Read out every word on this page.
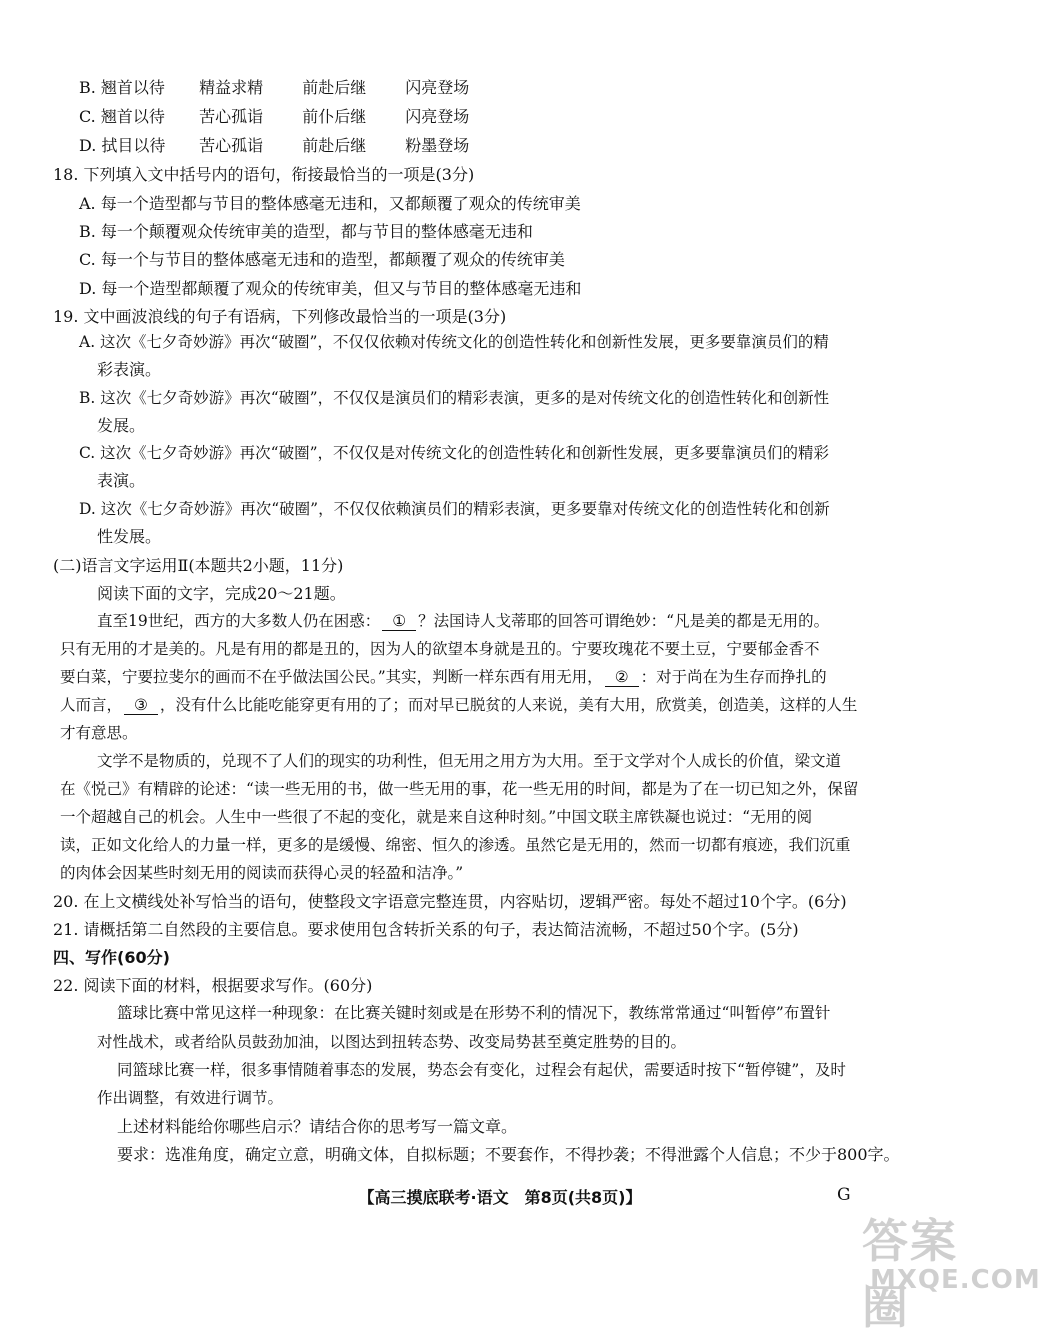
B. 翘首以待 精益求精 前赴后继 闪亮登场
C. 翘首以待 苦心孤诣 前仆后继 闪亮登场
D. 拭目以待 苦心孤诣 前赴后继 粉墨登场
18. 下列填入文中括号内的语句，衔接最恰当的一项是(3分)
A. 每一个造型都与节目的整体感毫无违和，又都颠覆了观众的传统审美
B. 每一个颠覆观众传统审美的造型，都与节目的整体感毫无违和
C. 每一个与节目的整体感毫无违和的造型，都颠覆了观众的传统审美
D. 每一个造型都颠覆了观众的传统审美，但又与节目的整体感毫无违和
19. 文中画波浪线的句子有语病，下列修改最恰当的一项是(3分)
A. 这次《七夕奇妙游》再次“破圈”，不仅仅依赖对传统文化的创造性转化和创新性发展，更多要靠演员们的精
彩表演。
B. 这次《七夕奇妙游》再次“破圈”，不仅仅是演员们的精彩表演，更多的是对传统文化的创造性转化和创新性
发展。
C. 这次《七夕奇妙游》再次“破圈”，不仅仅是对传统文化的创造性转化和创新性发展，更多要靠演员们的精彩
表演。
D. 这次《七夕奇妙游》再次“破圈”，不仅仅依赖演员们的精彩表演，更多要靠对传统文化的创造性转化和创新
性发展。
(二)语言文字运用Ⅱ(本题共2小题，11分)
阅读下面的文字，完成20～21题。
直至19世纪，西方的大多数人仍在困惑： ① ？法国诗人戈蒂耶的回答可谓绝妙：“凡是美的都是无用的。
只有无用的才是美的。凡是有用的都是丑的，因为人的欲望本身就是丑的。宁要玫瑰花不要土豆，宁要郁金香不
要白菜，宁要拉斐尔的画而不在乎做法国公民。”其实，判断一样东西有用无用， ② ：对于尚在为生存而挣扎的
人而言， ③ ，没有什么比能吃能穿更有用的了；而对早已脱贫的人来说，美有大用，欣赏美，创造美，这样的人生
才有意思。
文学不是物质的，兑现不了人们的现实的功利性，但无用之用方为大用。至于文学对个人成长的价值，梁文道
在《悦己》有精辟的论述：“读一些无用的书，做一些无用的事，花一些无用的时间，都是为了在一切已知之外，保留
一个超越自己的机会。人生中一些很了不起的变化，就是来自这种时刻。”中国文联主席铁凝也说过：“无用的阅
读，正如文化给人的力量一样，更多的是缓慢、绵密、恒久的渗透。虽然它是无用的，然而一切都有痕迹，我们沉重
的肉体会因某些时刻无用的阅读而获得心灵的轻盈和洁净。”
20. 在上文横线处补写恰当的语句，使整段文字语意完整连贯，内容贴切，逻辑严密。每处不超过10个字。(6分)
21. 请概括第二自然段的主要信息。要求使用包含转折关系的句子，表达简洁流畅，不超过50个字。(5分)
四、写作(60分)
22. 阅读下面的材料，根据要求写作。(60分)
篮球比赛中常见这样一种现象：在比赛关键时刻或是在形势不利的情况下，教练常常通过“叫暂停”布置针
对性战术，或者给队员鼓劲加油，以图达到扭转态势、改变局势甚至奠定胜势的目的。
同篮球比赛一样，很多事情随着事态的发展，势态会有变化，过程会有起伏，需要适时按下“暂停键”，及时
作出调整，有效进行调节。
上述材料能给你哪些启示？请结合你的思考写一篇文章。
要求：选准角度，确定立意，明确文体，自拟标题；不要套作，不得抄袭；不得泄露个人信息；不少于800字。
【高三摸底联考·语文　第8页(共8页)】	G
答案圈
MXQE.COM
